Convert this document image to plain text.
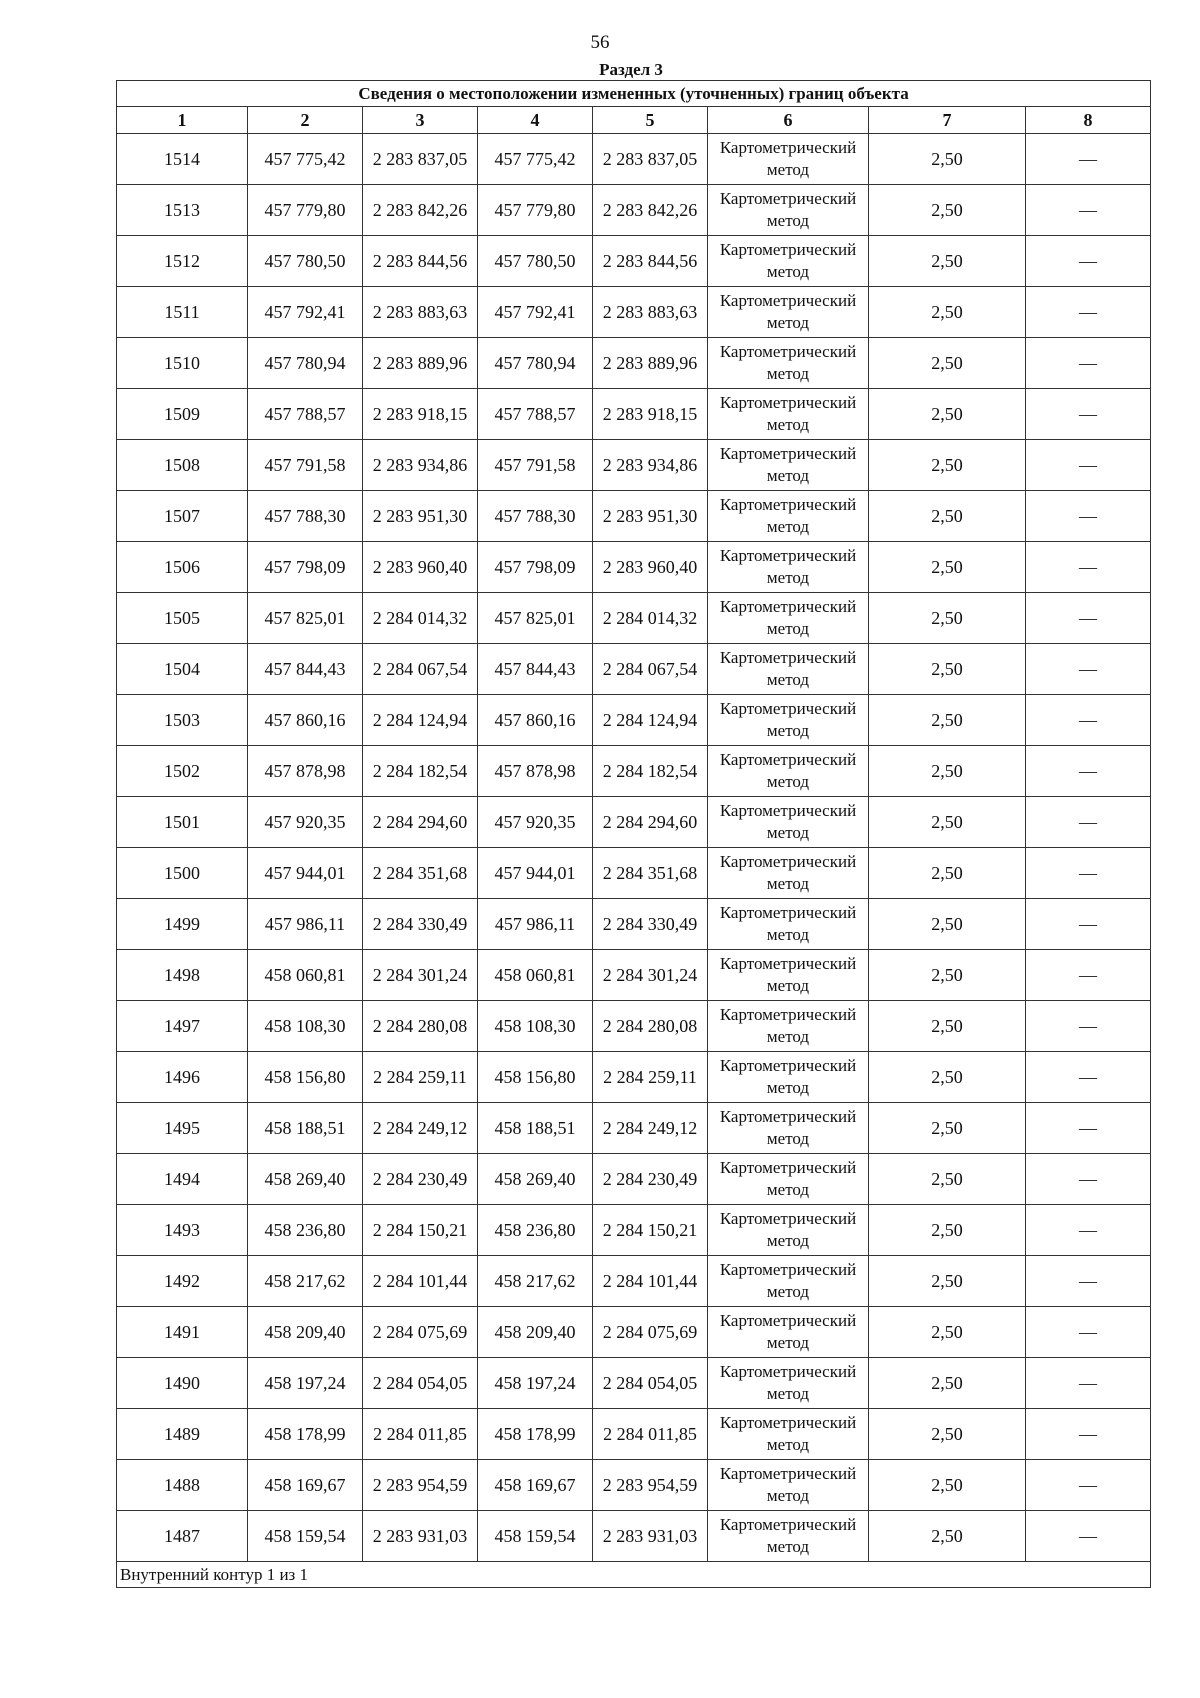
56
Раздел 3
Сведения о местоположении измененных (уточненных) границ объекта							
1	2	3	4	5	6	7	8
1514	457 775,42	2 283 837,05	457 775,42	2 283 837,05	Картометрический метод	2,50	—
1513	457 779,80	2 283 842,26	457 779,80	2 283 842,26	Картометрический метод	2,50	—
1512	457 780,50	2 283 844,56	457 780,50	2 283 844,56	Картометрический метод	2,50	—
1511	457 792,41	2 283 883,63	457 792,41	2 283 883,63	Картометрический метод	2,50	—
1510	457 780,94	2 283 889,96	457 780,94	2 283 889,96	Картометрический метод	2,50	—
1509	457 788,57	2 283 918,15	457 788,57	2 283 918,15	Картометрический метод	2,50	—
1508	457 791,58	2 283 934,86	457 791,58	2 283 934,86	Картометрический метод	2,50	—
1507	457 788,30	2 283 951,30	457 788,30	2 283 951,30	Картометрический метод	2,50	—
1506	457 798,09	2 283 960,40	457 798,09	2 283 960,40	Картометрический метод	2,50	—
1505	457 825,01	2 284 014,32	457 825,01	2 284 014,32	Картометрический метод	2,50	—
1504	457 844,43	2 284 067,54	457 844,43	2 284 067,54	Картометрический метод	2,50	—
1503	457 860,16	2 284 124,94	457 860,16	2 284 124,94	Картометрический метод	2,50	—
1502	457 878,98	2 284 182,54	457 878,98	2 284 182,54	Картометрический метод	2,50	—
1501	457 920,35	2 284 294,60	457 920,35	2 284 294,60	Картометрический метод	2,50	—
1500	457 944,01	2 284 351,68	457 944,01	2 284 351,68	Картометрический метод	2,50	—
1499	457 986,11	2 284 330,49	457 986,11	2 284 330,49	Картометрический метод	2,50	—
1498	458 060,81	2 284 301,24	458 060,81	2 284 301,24	Картометрический метод	2,50	—
1497	458 108,30	2 284 280,08	458 108,30	2 284 280,08	Картометрический метод	2,50	—
1496	458 156,80	2 284 259,11	458 156,80	2 284 259,11	Картометрический метод	2,50	—
1495	458 188,51	2 284 249,12	458 188,51	2 284 249,12	Картометрический метод	2,50	—
1494	458 269,40	2 284 230,49	458 269,40	2 284 230,49	Картометрический метод	2,50	—
1493	458 236,80	2 284 150,21	458 236,80	2 284 150,21	Картометрический метод	2,50	—
1492	458 217,62	2 284 101,44	458 217,62	2 284 101,44	Картометрический метод	2,50	—
1491	458 209,40	2 284 075,69	458 209,40	2 284 075,69	Картометрический метод	2,50	—
1490	458 197,24	2 284 054,05	458 197,24	2 284 054,05	Картометрический метод	2,50	—
1489	458 178,99	2 284 011,85	458 178,99	2 284 011,85	Картометрический метод	2,50	—
1488	458 169,67	2 283 954,59	458 169,67	2 283 954,59	Картометрический метод	2,50	—
1487	458 159,54	2 283 931,03	458 159,54	2 283 931,03	Картометрический метод	2,50	—
Внутренний контур 1 из 1							
